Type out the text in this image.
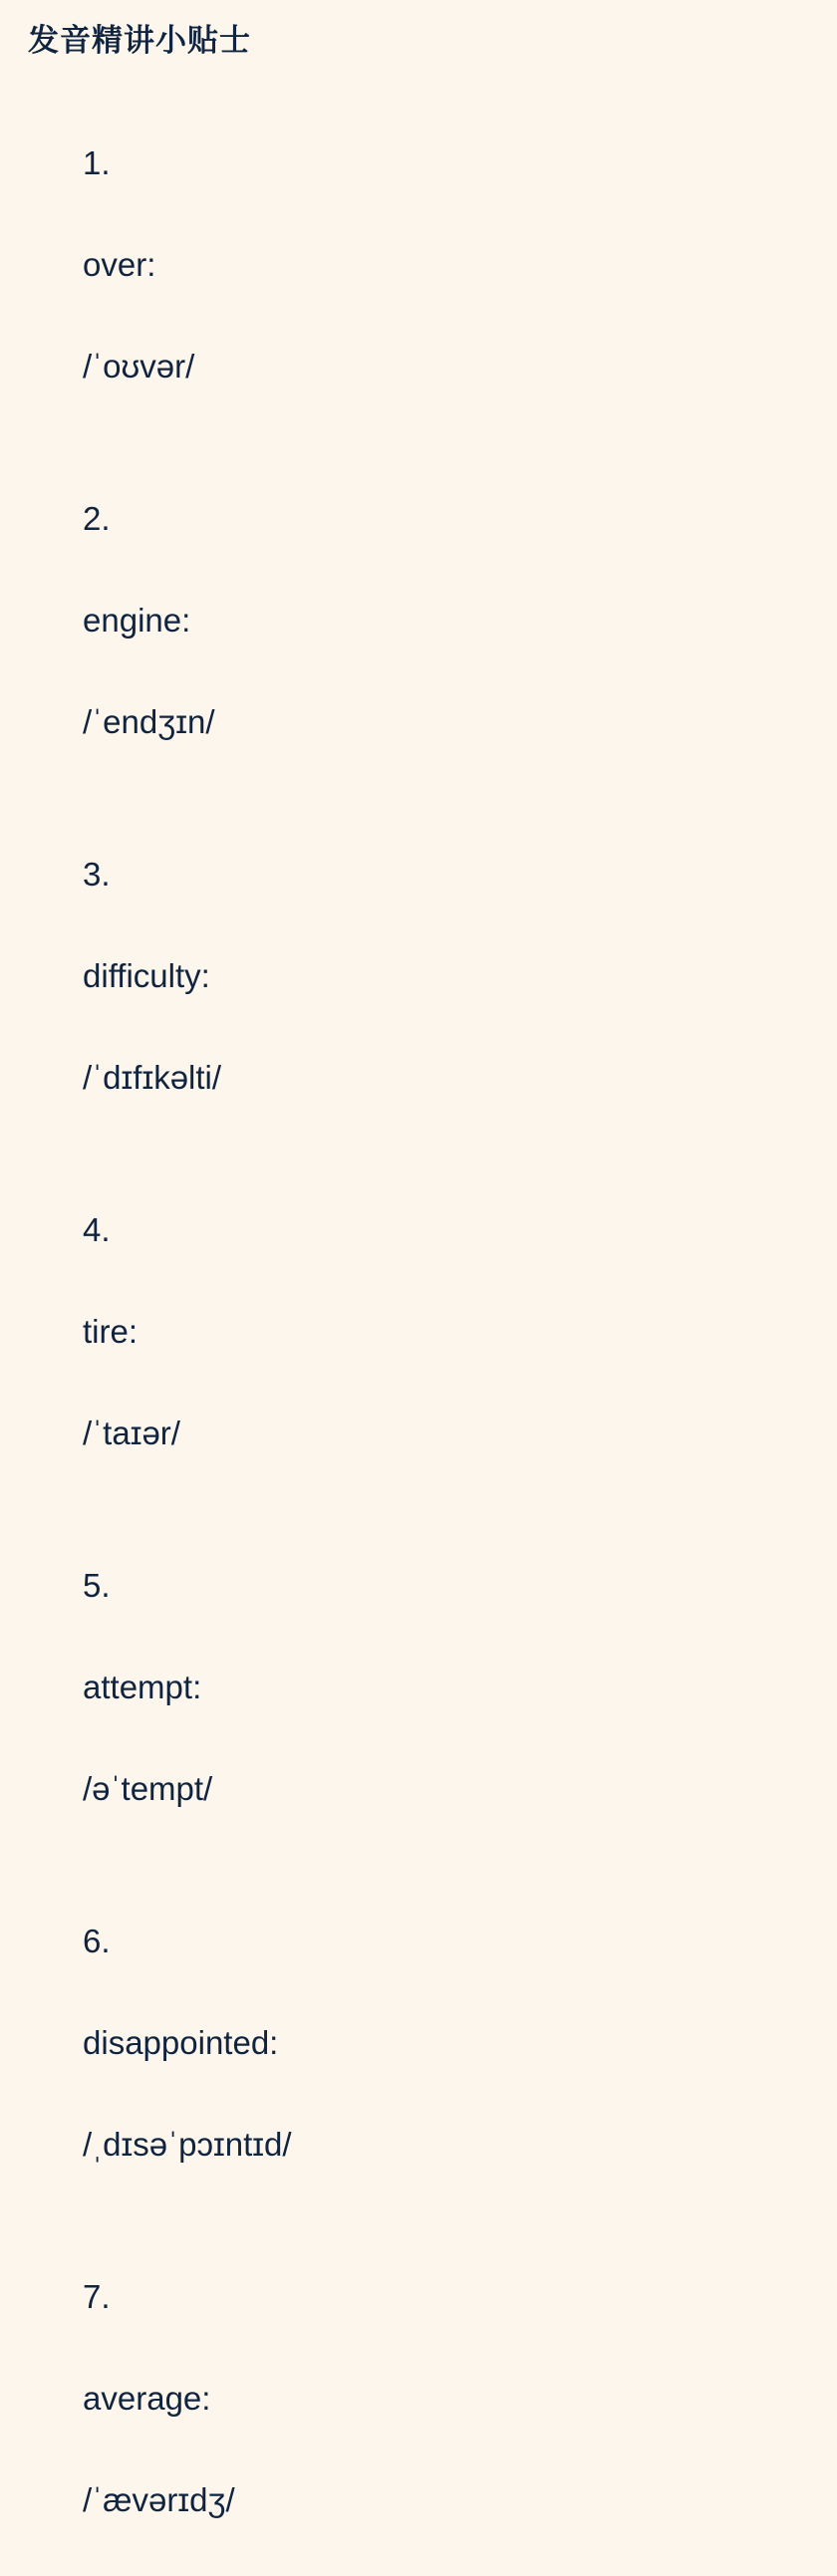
发音精讲小贴士

1.

over:

/ˈoʊvər/

2.

engine:

/ˈendʒɪn/

3.

difficulty:

/ˈdɪfɪkəlti/

4.

tire:

/ˈtaɪər/

5.

attempt:

/əˈtempt/

6.

disappointed:

/ˌdɪsəˈpɔɪntɪd/

7.

average:

/ˈævərɪdʒ/
